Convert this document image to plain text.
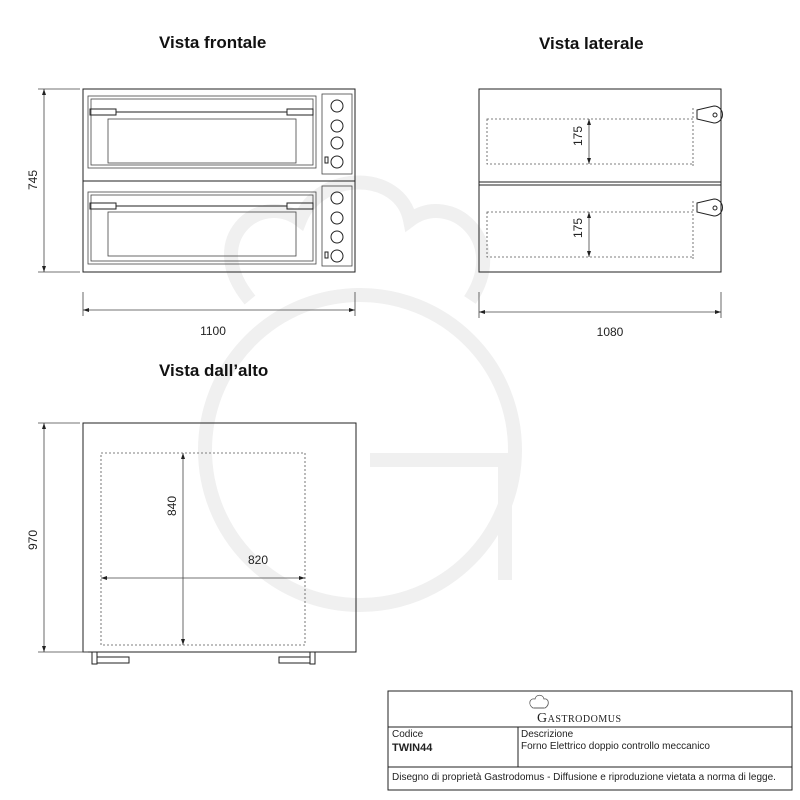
Vista frontale	Vista laterale
Vista dall’alto
745
1100
175
175
1080
840
820
970
Gastrodomus
Codice
TWIN44
Descrizione
Forno Elettrico doppio controllo meccanico
Disegno di proprietà Gastrodomus - Diffusione e riproduzione vietata a norma di legge.
